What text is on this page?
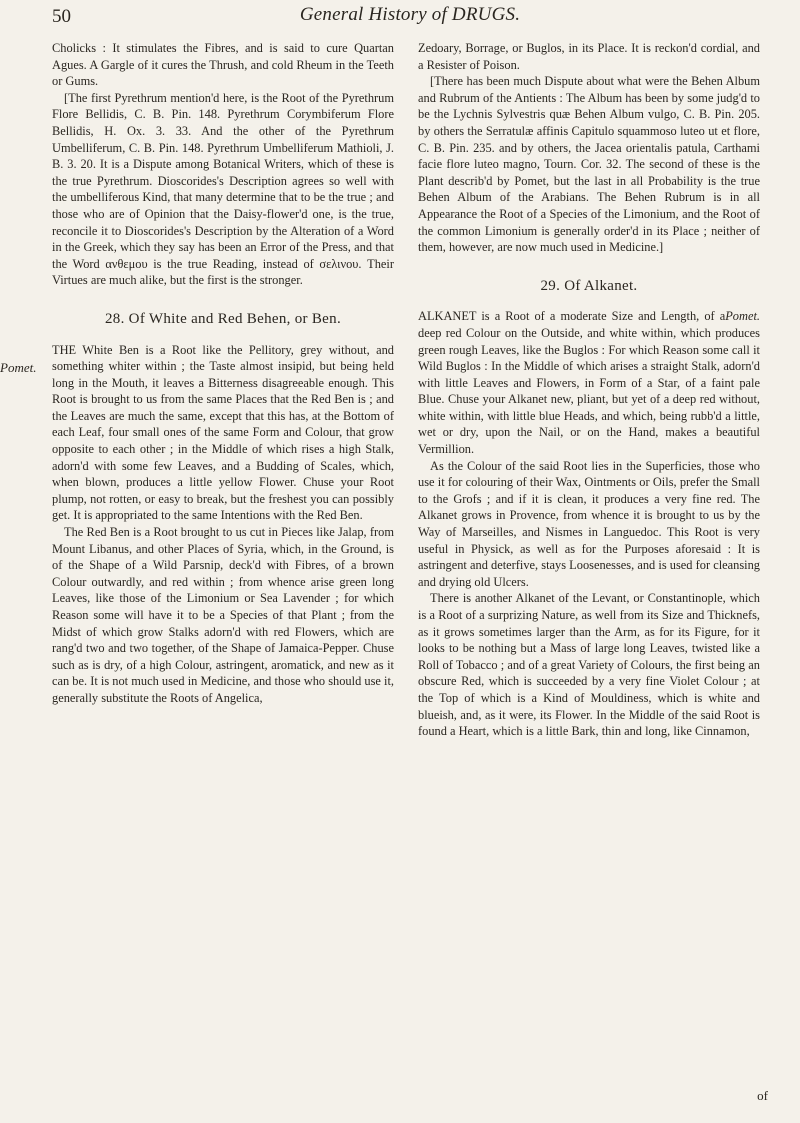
50	General History of DRUGS.

Cholicks : It stimulates the Fibres, and is said to cure Quartan Agues. A Gargle of it cures the Thrush, and cold Rheum in the Teeth or Gums.

[The first Pyrethrum mention'd here, is the Root of the Pyrethrum Flore Bellidis, C. B. Pin. 148. Pyrethrum Corymbiferum Flore Bellidis, H. Ox. 3. 33. And the other of the Pyrethrum Umbelliferum, C. B. Pin. 148. Pyrethrum Umbelliferum Mathioli, J. B. 3. 20. It is a Dispute among Botanical Writers, which of these is the true Pyrethrum. Dioscorides's Description agrees so well with the umbelliferous Kind, that many determine that to be the true ; and those who are of Opinion that the Daisy-flower'd one, is the true, reconcile it to Dioscorides's Description by the Alteration of a Word in the Greek, which they say has been an Error of the Press, and that the Word ανθεμου is the true Reading, instead of σελινου. Their Virtues are much alike, but the first is the stronger.

28. Of White and Red Behen, or Ben.
Pomet.

THE White Ben is a Root like the Pellitory, grey without, and something whiter within ; the Taste almost insipid, but being held long in the Mouth, it leaves a Bitterness disagreeable enough. This Root is brought to us from the same Places that the Red Ben is ; and the Leaves are much the same, except that this has, at the Bottom of each Leaf, four small ones of the same Form and Colour, that grow opposite to each other ; in the Middle of which rises a high Stalk, adorn'd with some few Leaves, and a Budding of Scales, which, when blown, produces a little yellow Flower. Chuse your Root plump, not rotten, or easy to break, but the freshest you can possibly get. It is appropriated to the same Intentions with the Red Ben.

The Red Ben is a Root brought to us cut in Pieces like Jalap, from Mount Libanus, and other Places of Syria, which, in the Ground, is of the Shape of a Wild Parsnip, deck'd with Fibres, of a brown Colour outwardly, and red within ; from whence arise green long Leaves, like those of the Limonium or Sea Lavender ; for which Reason some will have it to be a Species of that Plant ; from the Midst of which grow Stalks adorn'd with red Flowers, which are rang'd two and two together, of the Shape of Jamaica-Pepper. Chuse such as is dry, of a high Colour, astringent, aromatick, and new as it can be. It is not much used in Medicine, and those who should use it, generally substitute the Roots of Angelica,

Zedoary, Borrage, or Buglos, in its Place. It is reckon'd cordial, and a Resister of Poison.

[There has been much Dispute about what were the Behen Album and Rubrum of the Antients : The Album has been by some judg'd to be the Lychnis Sylvestris quæ Behen Album vulgo, C. B. Pin. 205. by others the Serratulæ affinis Capitulo squammoso luteo ut et flore, C. B. Pin. 235. and by others, the Jacea orientalis patula, Carthami facie flore luteo magno, Tourn. Cor. 32. The second of these is the Plant describ'd by Pomet, but the last in all Probability is the true Behen Album of the Arabians. The Behen Rubrum is in all Appearance the Root of a Species of the Limonium, and the Root of the common Limonium is generally order'd in its Place ; neither of them, however, are now much used in Medicine.]

29. Of Alkanet.
Pomet.

ALKANET is a Root of a moderate Size and Length, of a deep red Colour on the Outside, and white within, which produces green rough Leaves, like the Buglos : For which Reason some call it Wild Buglos : In the Middle of which arises a straight Stalk, adorn'd with little Leaves and Flowers, in Form of a Star, of a faint pale Blue. Chuse your Alkanet new, pliant, but yet of a deep red without, white within, with little blue Heads, and which, being rubb'd a little, wet or dry, upon the Nail, or on the Hand, makes a beautiful Vermillion.

As the Colour of the said Root lies in the Superficies, those who use it for colouring of their Wax, Ointments or Oils, prefer the Small to the Grofs ; and if it is clean, it produces a very fine red. The Alkanet grows in Provence, from whence it is brought to us by the Way of Marseilles, and Nismes in Languedoc. This Root is very useful in Physick, as well as for the Purposes aforesaid : It is astringent and deterfive, stays Loosenesses, and is used for cleansing and drying old Ulcers.

There is another Alkanet of the Levant, or Constantinople, which is a Root of a surprizing Nature, as well from its Size and Thicknefs, as it grows sometimes larger than the Arm, as for its Figure, for it looks to be nothing but a Mass of large long Leaves, twisted like a Roll of Tobacco ; and of a great Variety of Colours, the first being an obscure Red, which is succeeded by a very fine Violet Colour ; at the Top of which is a Kind of Mouldiness, which is white and blueish, and, as it were, its Flower. In the Middle of the said Root is found a Heart, which is a little Bark, thin and long, like Cinnamon,

of
